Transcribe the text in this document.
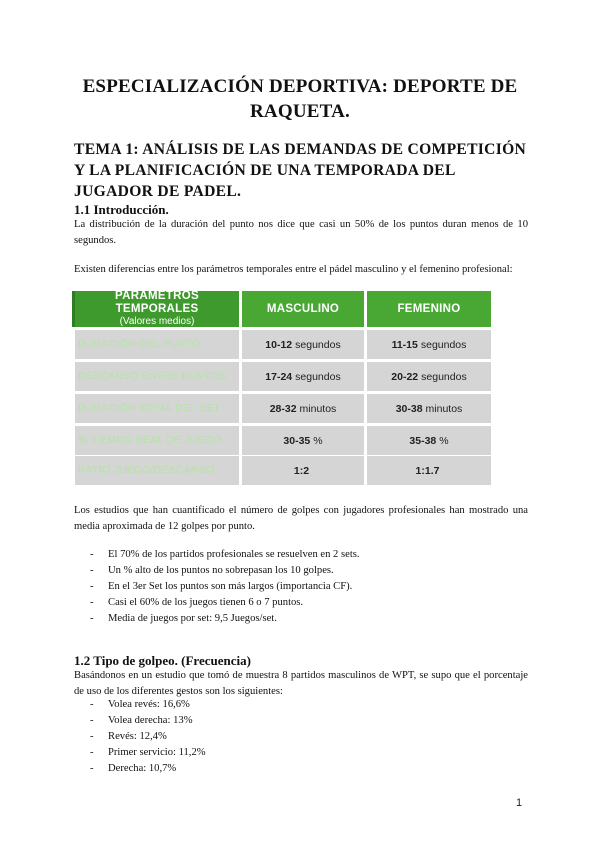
ESPECIALIZACIÓN DEPORTIVA: DEPORTE DE RAQUETA.
TEMA 1: ANÁLISIS DE LAS DEMANDAS DE COMPETICIÓN Y LA PLANIFICACIÓN DE UNA TEMPORADA DEL JUGADOR DE PADEL.
1.1 Introducción.
La distribución de la duración del punto nos dice que casi un 50% de los puntos duran menos de 10 segundos.
Existen diferencias entre los parámetros temporales entre el pádel masculino y el femenino profesional:
PARÁMETROS TEMPORALES
(Valores medios)
MASCULINO	FEMENINO
DURACIÓN DEL PUNTO	10-12 segundos	11-15 segundos
DESCANSO ENTRE PUNTOS	17-24 segundos	20-22 segundos
DURACIÓN TOTAL DEL SET	28-32 minutos	30-38 minutos
% TIEMPO REAL DE JUEGO	30-35 %	35-38 %
RATIO JUEGO/DESCANSO	1:2	1:1.7
Los estudios que han cuantificado el número de golpes con jugadores profesionales han mostrado una media aproximada de 12 golpes por punto.
- El 70% de los partidos profesionales se resuelven en 2 sets.
- Un % alto de los puntos no sobrepasan los 10 golpes.
- En el 3er Set los puntos son más largos (importancia CF).
- Casi el 60% de los juegos tienen 6 o 7 puntos.
- Media de juegos por set: 9,5 Juegos/set.
1.2 Tipo de golpeo. (Frecuencia)
Basándonos en un estudio que tomó de muestra 8 partidos masculinos de WPT, se supo que el porcentaje de uso de los diferentes gestos son los siguientes:
- Volea revés: 16,6%
- Volea derecha: 13%
- Revés: 12,4%
- Primer servicio: 11,2%
- Derecha: 10,7%
1
